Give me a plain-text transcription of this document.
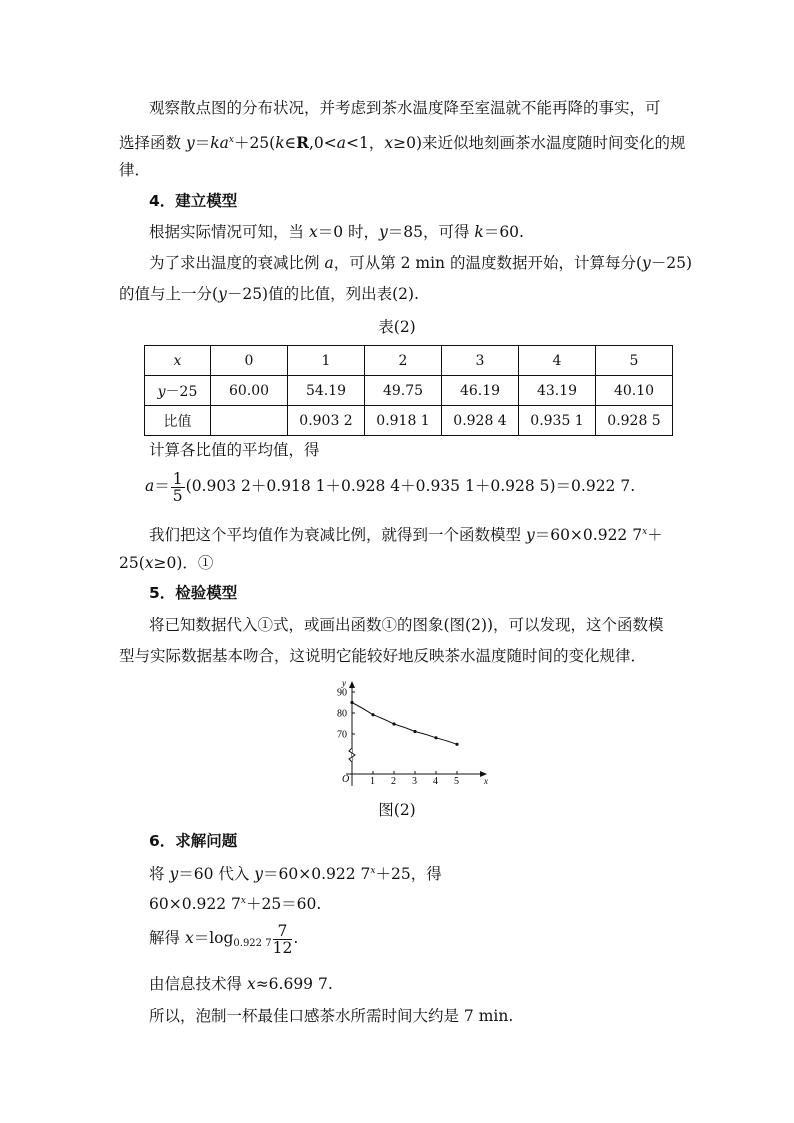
观察散点图的分布状况，并考虑到茶水温度降至室温就不能再降的事实，可
选择函数 $y=ka^x+25(k\in R,0<a<1$，x≥0)来近似地刻画茶水温度随时间变化的规
律．
4．建立模型
根据实际情况可知，当 x＝0 时，y＝85，可得 k＝60.
为了求出温度的衰减比例 a，可从第 2 min 的温度数据开始，计算每分(y－25)
的值与上一分(y－25)值的比值，列出表(2).
表(2)
x	0	1	2	3	4	5
y－25	60.00	54.19	49.75	46.19	43.19	40.10
比值		0.903 2	0.918 1	0.928 4	0.935 1	0.928 5
计算各比值的平均值，得
$a= \frac{1}{5} (0.903$ 2＋0.918 1＋0.928 4＋0.935 1＋0.928 5)＝0.922 7.
我们把这个平均值作为衰减比例，就得到一个函数模型 y＝60×0.922 $7^x+$
25(x≥0)．①
5．检验模型
将已知数据代入①式，或画出函数①的图象(图(2))，可以发现，这个函数模
型与实际数据基本吻合，这说明它能较好地反映茶水温度随时间的变化规律．
y
x
O
90
80
70
1 2 3 4 5
图(2)
6．求解问题
将 y＝60 代入 y＝60×0.922 $7^x+25$，得
60×0.922 $7^x+25=60$.
解得 $x=\log_{0.922 7} \frac{7}{12}$ .
由信息技术得 x≈6.699 7.
所以，泡制一杯最佳口感茶水所需时间大约是 7 min.
